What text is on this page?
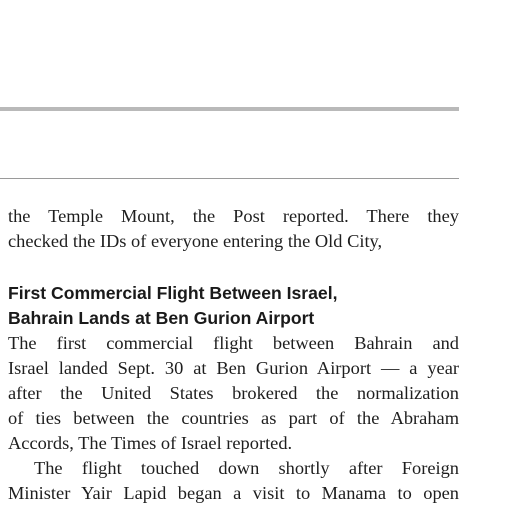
the Temple Mount, the Post reported. There they
checked the IDs of everyone entering the Old City,

First Commercial Flight Between Israel,
Bahrain Lands at Ben Gurion Airport

The first commercial flight between Bahrain and
Israel landed Sept. 30 at Ben Gurion Airport — a year
after the United States brokered the normalization
of ties between the countries as part of the Abraham
Accords, The Times of Israel reported.

The flight touched down shortly after Foreign
Minister Yair Lapid began a visit to Manama to open
